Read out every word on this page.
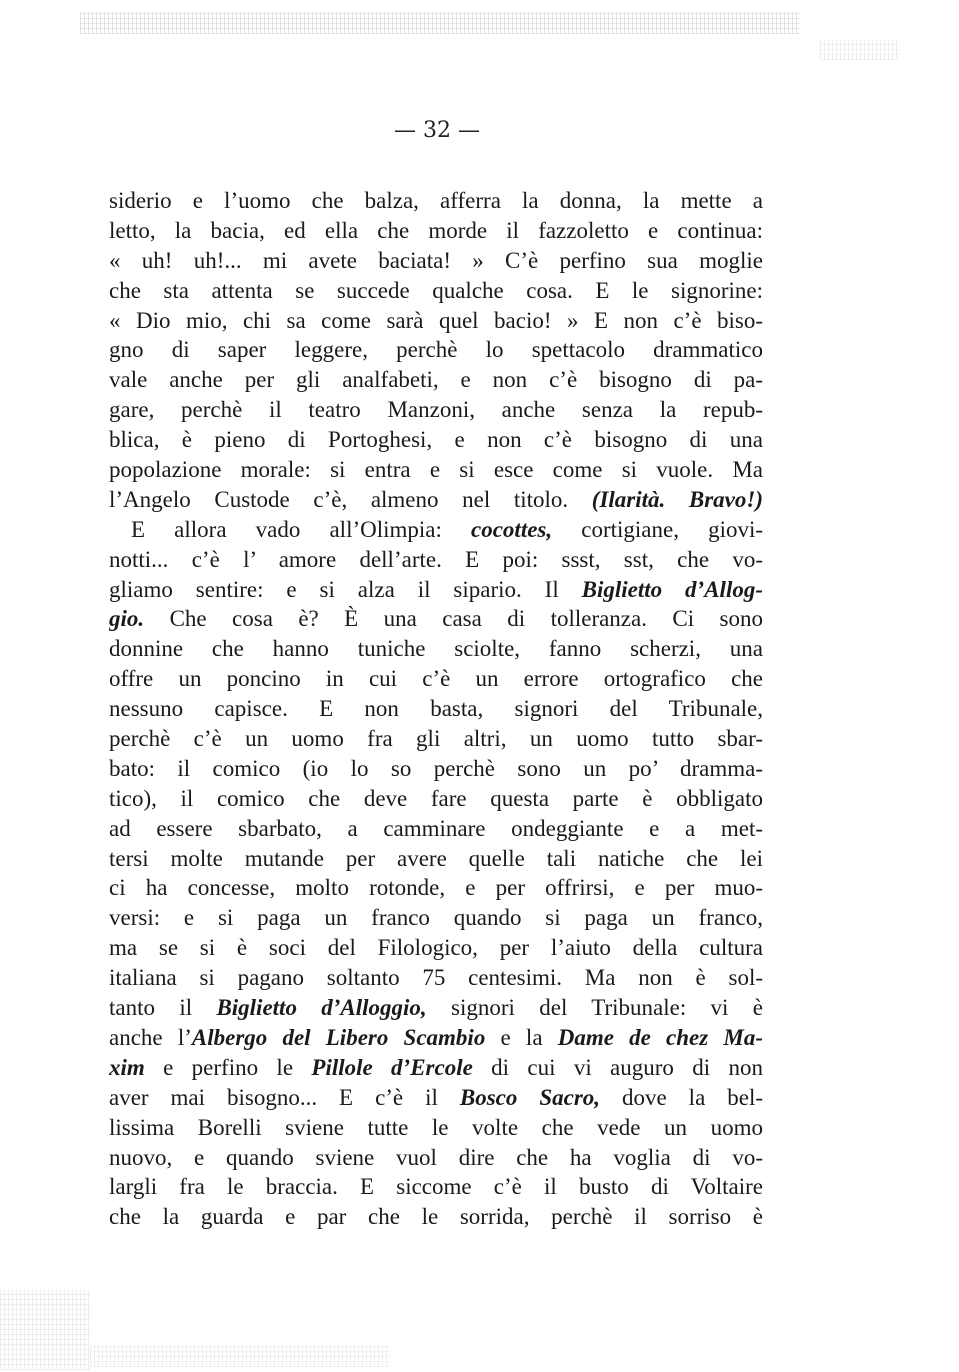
— 32 —
siderio e l’uomo che balza, afferra la donna, la mette a
letto, la bacia, ed ella che morde il fazzoletto e continua:
« uh! uh!... mi avete baciata! » C’è perfino sua moglie
che sta attenta se succede qualche cosa. E le signorine:
« Dio mio, chi sa come sarà quel bacio! » E non c’è biso-
gno di saper leggere, perchè lo spettacolo drammatico
vale anche per gli analfabeti, e non c’è bisogno di pa-
gare, perchè il teatro Manzoni, anche senza la repub-
blica, è pieno di Portoghesi, e non c’è bisogno di una
popolazione morale: si entra e si esce come si vuole. Ma
l’Angelo Custode c’è, almeno nel titolo. (Ilarità. Bravo!)
E allora vado all’Olimpia: cocottes, cortigiane, giovi-
notti... c’è l’ amore dell’arte. E poi: ssst, sst, che vo-
gliamo sentire: e si alza il sipario. Il Biglietto d’Allog-
gio. Che cosa è? È una casa di tolleranza. Ci sono
donnine che hanno tuniche sciolte, fanno scherzi, una
offre un poncino in cui c’è un errore ortografico che
nessuno capisce. E non basta, signori del Tribunale,
perchè c’è un uomo fra gli altri, un uomo tutto sbar-
bato: il comico (io lo so perchè sono un po’ dramma-
tico), il comico che deve fare questa parte è obbligato
ad essere sbarbato, a camminare ondeggiante e a met-
tersi molte mutande per avere quelle tali natiche che lei
ci ha concesse, molto rotonde, e per offrirsi, e per muo-
versi: e si paga un franco quando si paga un franco,
ma se si è soci del Filologico, per l’aiuto della cultura
italiana si pagano soltanto 75 centesimi. Ma non è sol-
tanto il Biglietto d’Alloggio, signori del Tribunale: vi è
anche l’Albergo del Libero Scambio e la Dame de chez Ma-
xim e perfino le Pillole d’Ercole di cui vi auguro di non
aver mai bisogno... E c’è il Bosco Sacro, dove la bel-
lissima Borelli sviene tutte le volte che vede un uomo
nuovo, e quando sviene vuol dire che ha voglia di vo-
largli fra le braccia. E siccome c’è il busto di Voltaire
che la guarda e par che le sorrida, perchè il sorriso è
